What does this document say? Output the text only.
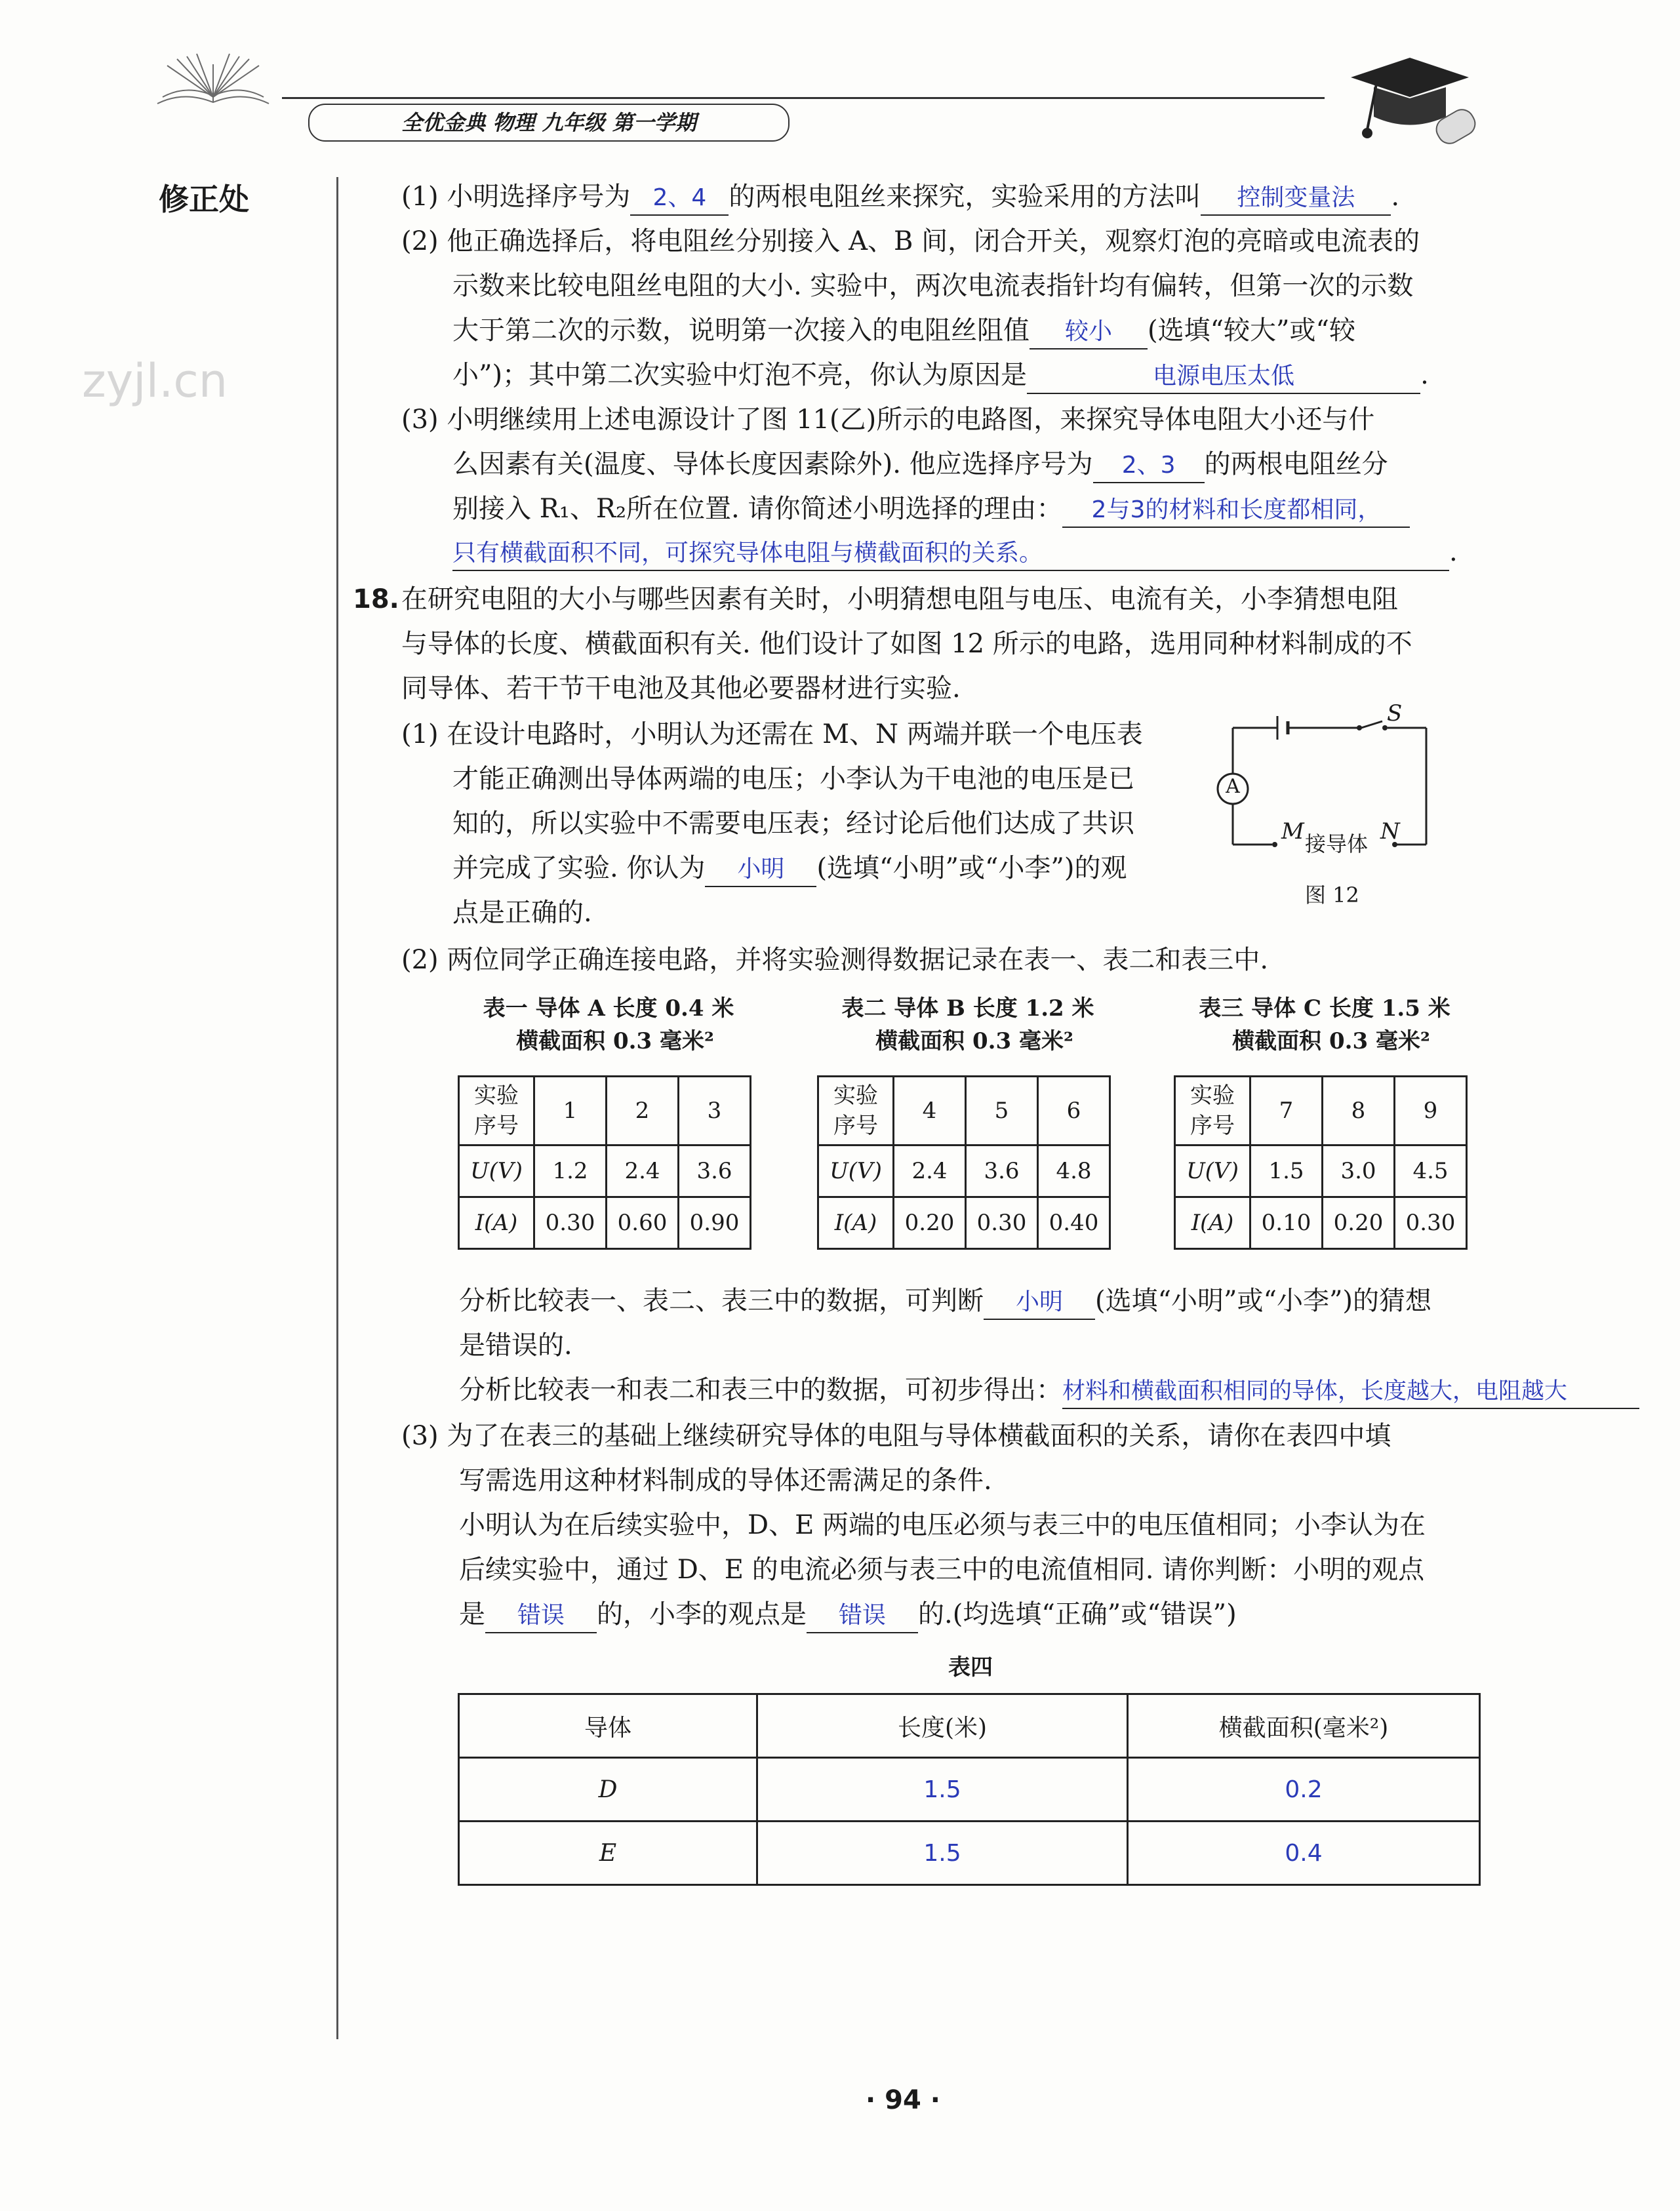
全优金典 物理 九年级 第一学期
修正处
zyjl.cn
(1) 小明选择序号为 2、4 的两根电阻丝来探究，实验采用的方法叫 控制变量法 .
(2) 他正确选择后，将电阻丝分别接入 A、B 间，闭合开关，观察灯泡的亮暗或电流表的
示数来比较电阻丝电阻的大小. 实验中，两次电流表指针均有偏转，但第一次的示数
大于第二次的示数，说明第一次接入的电阻丝阻值 较小 (选填“较大”或“较
小”)；其中第二次实验中灯泡不亮，你认为原因是	电源电压太低	.
(3) 小明继续用上述电源设计了图 11(乙)所示的电路图，来探究导体电阻大小还与什
么因素有关(温度、导体长度因素除外). 他应选择序号为 2、3 的两根电阻丝分
别接入 R₁、R₂所在位置. 请你简述小明选择的理由： 2与3的材料和长度都相同，
只有横截面积不同，可探究导体电阻与横截面积的关系。	.
18. 在研究电阻的大小与哪些因素有关时，小明猜想电阻与电压、电流有关，小李猜想电阻
与导体的长度、横截面积有关. 他们设计了如图 12 所示的电路，选用同种材料制成的不
同导体、若干节干电池及其他必要器材进行实验.
(1) 在设计电路时，小明认为还需在 M、N 两端并联一个电压表
才能正确测出导体两端的电压；小李认为干电池的电压是已
知的，所以实验中不需要电压表；经讨论后他们达成了共识
并完成了实验. 你认为 小明 (选填“小明”或“小李”)的观
点是正确的.
S
A
M 接导体 N
图 12
(2) 两位同学正确连接电路，并将实验测得数据记录在表一、表二和表三中.
表一 导体 A 长度 0.4 米
横截面积 0.3 毫米²
实验
序号	1	2	3
U(V)	1.2	2.4	3.6
I(A)	0.30	0.60	0.90
表二 导体 B 长度 1.2 米
横截面积 0.3 毫米²
实验
序号	4	5	6
U(V)	2.4	3.6	4.8
I(A)	0.20	0.30	0.40
表三 导体 C 长度 1.5 米
横截面积 0.3 毫米²
实验
序号	7	8	9
U(V)	1.5	3.0	4.5
I(A)	0.10	0.20	0.30
分析比较表一、表二、表三中的数据，可判断 小明 (选填“小明”或“小李”)的猜想
是错误的.
分析比较表一和表二和表三中的数据，可初步得出：材料和横截面积相同的导体，长度越大，电阻越大
(3) 为了在表三的基础上继续研究导体的电阻与导体横截面积的关系，请你在表四中填
写需选用这种材料制成的导体还需满足的条件.
小明认为在后续实验中，D、E 两端的电压必须与表三中的电压值相同；小李认为在
后续实验中，通过 D、E 的电流必须与表三中的电流值相同. 请你判断：小明的观点
是 错误 的，小李的观点是 错误 的.(均选填“正确”或“错误”)
表四
导体	长度(米)	横截面积(毫米²)
D	1.5	0.2
E	1.5	0.4
· 94 ·
